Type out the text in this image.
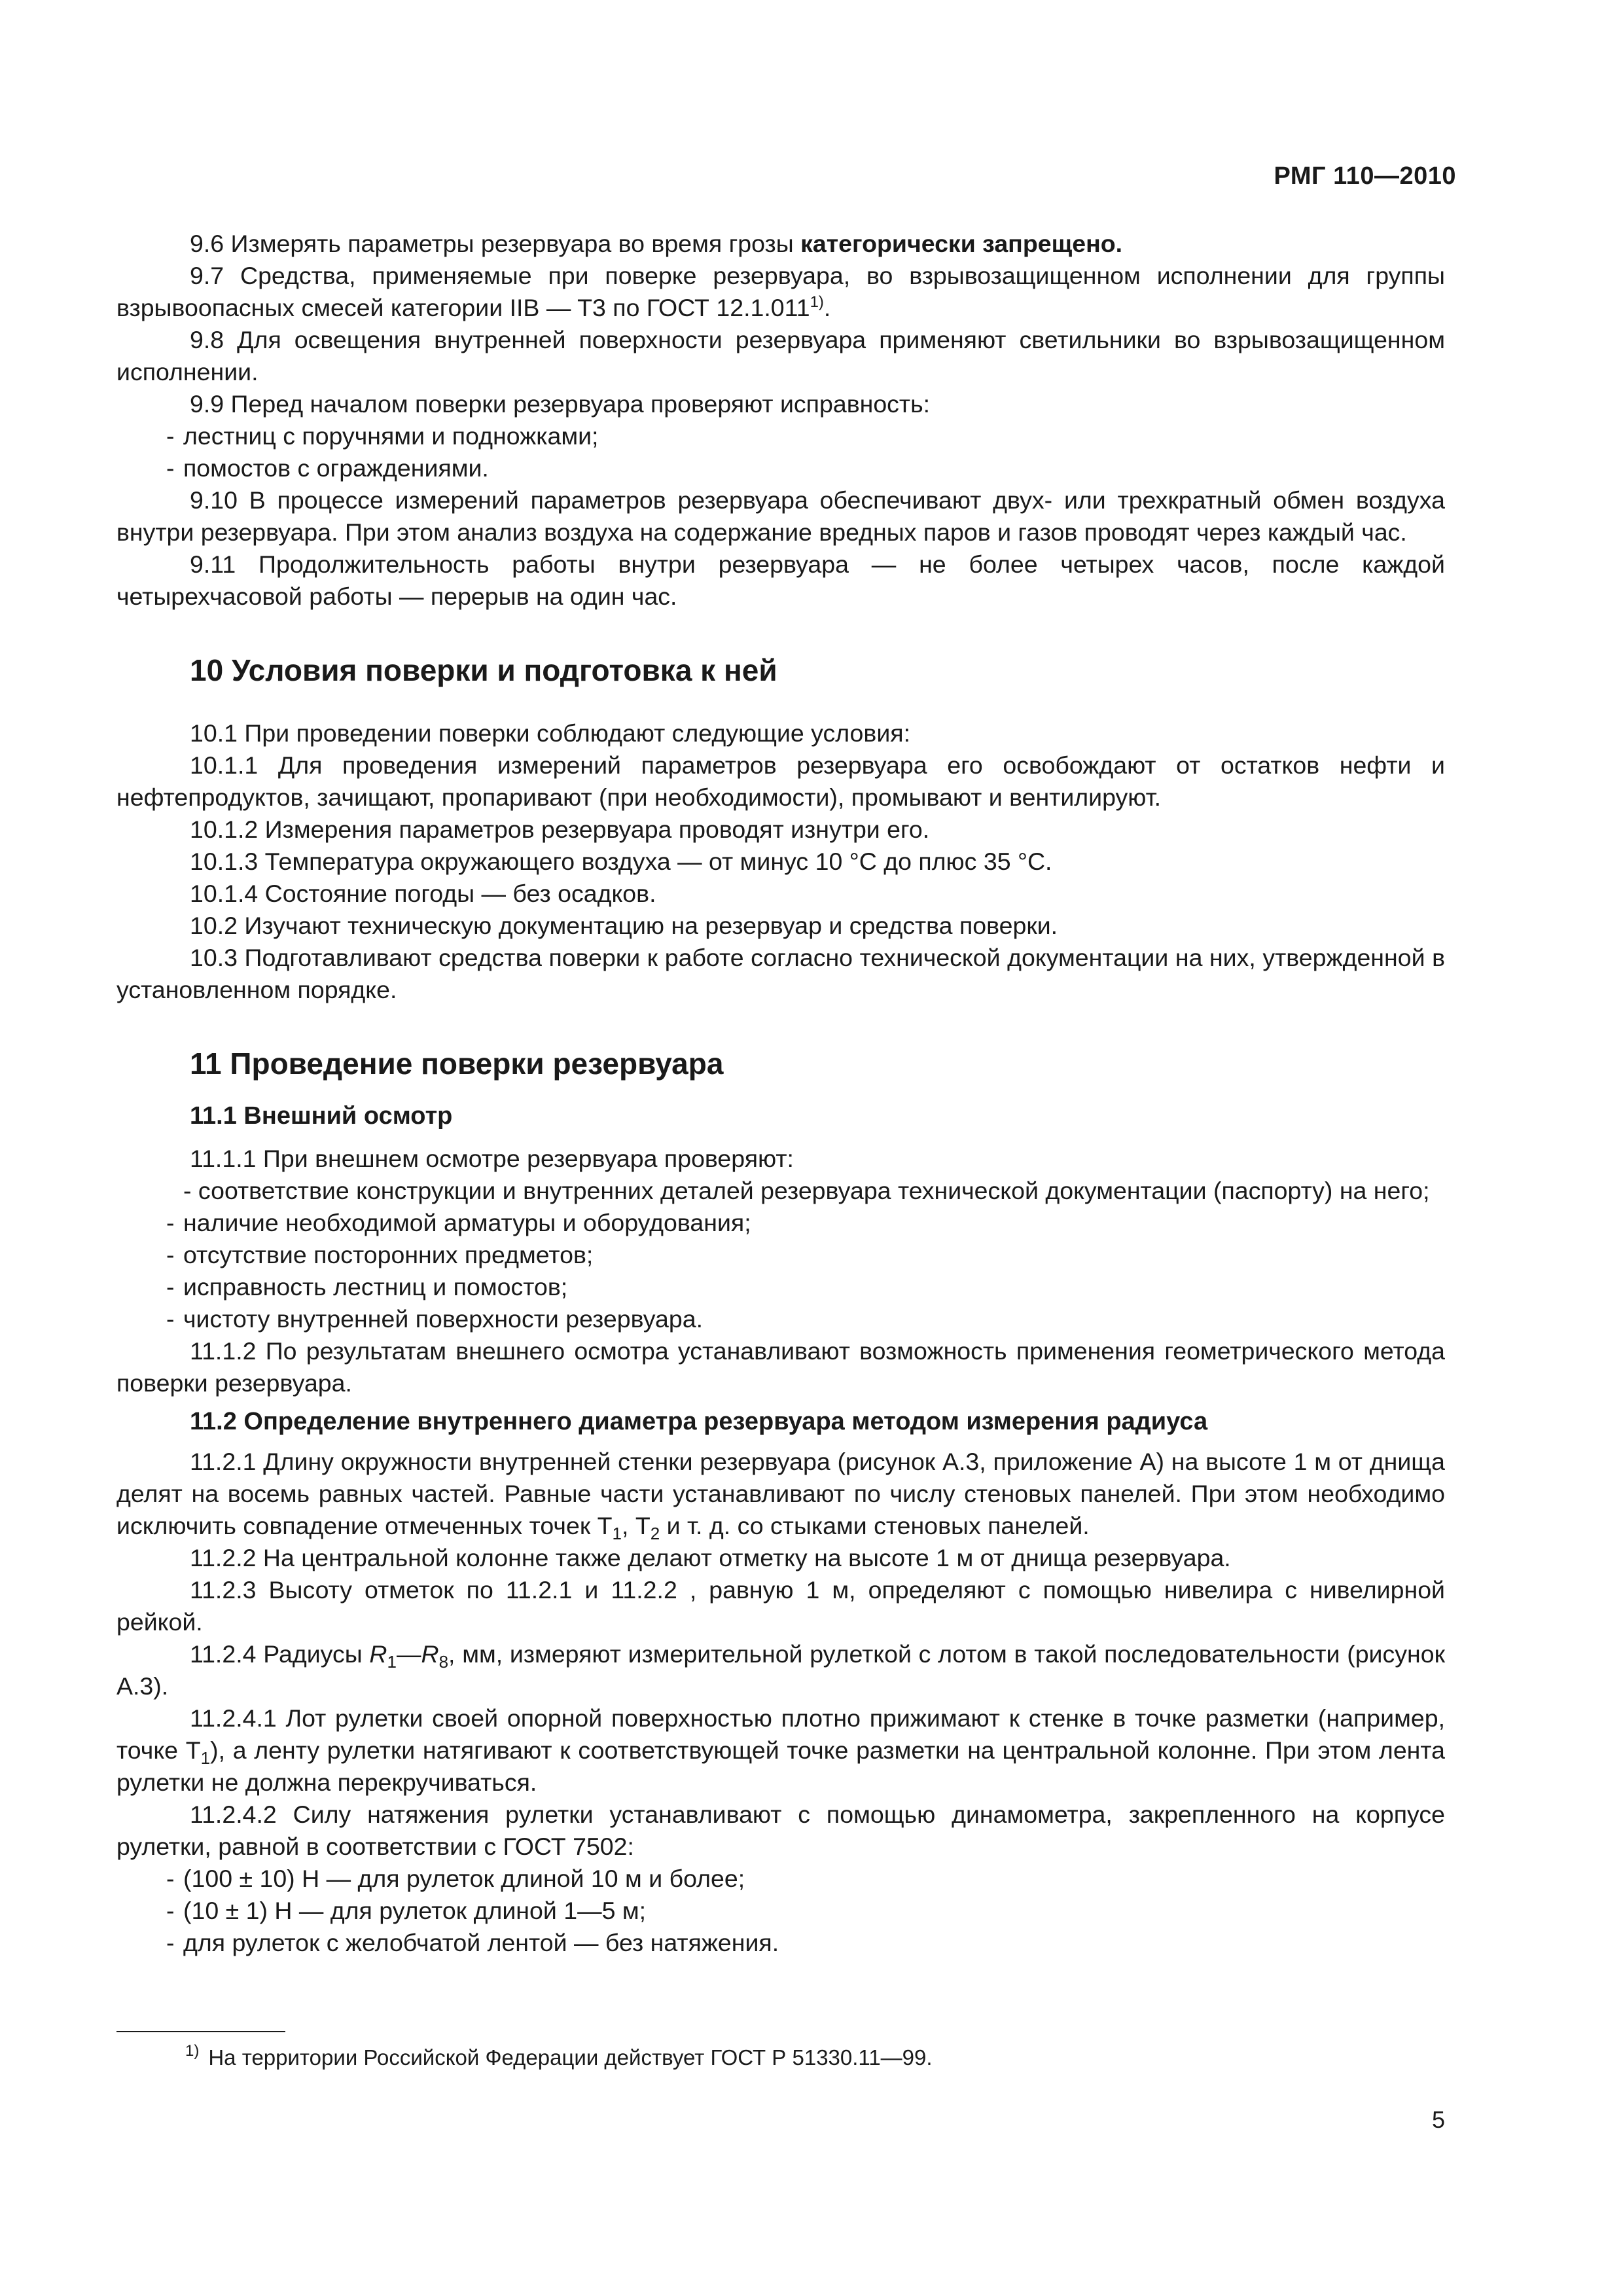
РМГ 110—2010

9.6 Измерять параметры резервуара во время грозы категорически запрещено.

9.7 Средства, применяемые при поверке резервуара, во взрывозащищенном исполнении для группы взрывоопасных смесей категории IIB — T3 по ГОСТ 12.1.011$^{1)}$.

9.8 Для освещения внутренней поверхности резервуара применяют светильники во взрывозащищенном исполнении.

9.9 Перед началом поверки резервуара проверяют исправность:

- лестниц с поручнями и подножками;

- помостов с ограждениями.

9.10 В процессе измерений параметров резервуара обеспечивают двух- или трехкратный обмен воздуха внутри резервуара. При этом анализ воздуха на содержание вредных паров и газов проводят через каждый час.

9.11 Продолжительность работы внутри резервуара — не более четырех часов, после каждой четырехчасовой работы — перерыв на один час.

10 Условия поверки и подготовка к ней

10.1 При проведении поверки соблюдают следующие условия:

10.1.1 Для проведения измерений параметров резервуара его освобождают от остатков нефти и нефтепродуктов, зачищают, пропаривают (при необходимости), промывают и вентилируют.

10.1.2 Измерения параметров резервуара проводят изнутри его.

10.1.3 Температура окружающего воздуха — от минус 10 °С до плюс 35 °С.

10.1.4 Состояние погоды — без осадков.

10.2 Изучают техническую документацию на резервуар и средства поверки.

10.3 Подготавливают средства поверки к работе согласно технической документации на них, утвержденной в установленном порядке.

11 Проведение поверки резервуара
11.1 Внешний осмотр

11.1.1 При внешнем осмотре резервуара проверяют:

- соответствие конструкции и внутренних деталей резервуара технической документации (паспорту) на него;

- наличие необходимой арматуры и оборудования;

- отсутствие посторонних предметов;

- исправность лестниц и помостов;

- чистоту внутренней поверхности резервуара.

11.1.2 По результатам внешнего осмотра устанавливают возможность применения геометрического метода поверки резервуара.

11.2 Определение внутреннего диаметра резервуара методом измерения радиуса

11.2.1 Длину окружности внутренней стенки резервуара (рисунок А.3, приложение А) на высоте 1 м от днища делят на восемь равных частей. Равные части устанавливают по числу стеновых панелей. При этом необходимо исключить совпадение отмеченных точек $Т_1$, $Т_2$ и т. д. со стыками стеновых панелей.

11.2.2 На центральной колонне также делают отметку на высоте 1 м от днища резервуара.

11.2.3 Высоту отметок по 11.2.1 и 11.2.2 , равную 1 м, определяют с помощью нивелира с нивелирной рейкой.

11.2.4 Радиусы $R_1—R_8$, мм, измеряют измерительной рулеткой с лотом в такой последовательности (рисунок А.3).

11.2.4.1 Лот рулетки своей опорной поверхностью плотно прижимают к стенке в точке разметки (например, точке $Т_1$), а ленту рулетки натягивают к соответствующей точке разметки на центральной колонне. При этом лента рулетки не должна перекручиваться.

11.2.4.2 Силу натяжения рулетки устанавливают с помощью динамометра, закрепленного на корпусе рулетки, равной в соответствии с ГОСТ 7502:

- (100 ± 10) Н — для рулеток длиной 10 м и более;

- (10 ± 1) Н — для рулеток длиной 1—5 м;

- для рулеток с желобчатой лентой — без натяжения.

$^{1)}$ На территории Российской Федерации действует ГОСТ Р 51330.11—99.
5
